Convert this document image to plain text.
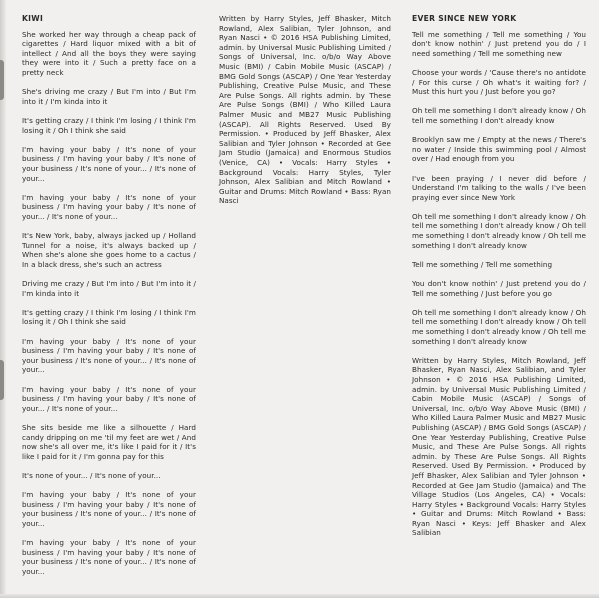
KIWI

She worked her way through a cheap pack of cigarettes / Hard liquor mixed with a bit of intellect / And all the boys they were saying they were into it / Such a pretty face on a pretty neck

She's driving me crazy / But I'm into / But I'm into it / I'm kinda into it

It's getting crazy / I think I'm losing / I think I'm losing it / Oh I think she said

I'm having your baby / It's none of your business / I'm having your baby / It's none of your business / It's none of your... / It's none of your...

I'm having your baby / It's none of your business / I'm having your baby / It's none of your... / It's none of your...

It's New York, baby, always jacked up / Holland Tunnel for a noise, it's always backed up / When she's alone she goes home to a cactus / In a black dress, she's such an actress

Driving me crazy / But I'm into / But I'm into it / I'm kinda into it

It's getting crazy / I think I'm losing / I think I'm losing it / Oh I think she said

I'm having your baby / It's none of your business / I'm having your baby / It's none of your business / It's none of your... / It's none of your...

I'm having your baby / It's none of your business / I'm having your baby / It's none of your... / It's none of your...

She sits beside me like a silhouette / Hard candy dripping on me 'til my feet are wet / And now she's all over me, it's like I paid for it / It's like I paid for it / I'm gonna pay for this

It's none of your... / It's none of your...

I'm having your baby / It's none of your business / I'm having your baby / It's none of your business / It's none of your... / It's none of your...

I'm having your baby / It's none of your business / I'm having your baby / It's none of your business / It's none of your... / It's none of your...

Written by Harry Styles, Jeff Bhasker, Mitch Rowland, Alex Salibian, Tyler Johnson, and Ryan Nasci • © 2016 HSA Publishing Limited, admin. by Universal Music Publishing Limited / Songs of Universal, Inc. o/b/o Way Above Music (BMI) / Cabin Mobile Music (ASCAP) / BMG Gold Songs (ASCAP) / One Year Yesterday Publishing, Creative Pulse Music, and These Are Pulse Songs. All rights admin. by These Are Pulse Songs (BMI) / Who Killed Laura Palmer Music and MB27 Music Publishing (ASCAP). All Rights Reserved. Used By Permission. • Produced by Jeff Bhasker, Alex Salibian and Tyler Johnson • Recorded at Gee Jam Studio (Jamaica) and Enormous Studios (Venice, CA) • Vocals: Harry Styles • Background Vocals: Harry Styles, Tyler Johnson, Alex Salibian and Mitch Rowland • Guitar and Drums: Mitch Rowland • Bass: Ryan Nasci

EVER SINCE NEW YORK

Tell me something / Tell me something / You don't know nothin' / Just pretend you do / I need something / Tell me something new

Choose your words / 'Cause there's no antidote / For this curse / Oh what's it waiting for? / Must this hurt you / Just before you go?

Oh tell me something I don't already know / Oh tell me something I don't already know

Brooklyn saw me / Empty at the news / There's no water / Inside this swimming pool / Almost over / Had enough from you

I've been praying / I never did before / Understand I'm talking to the walls / I've been praying ever since New York

Oh tell me something I don't already know / Oh tell me something I don't already know / Oh tell me something I don't already know / Oh tell me something I don't already know

Tell me something / Tell me something

You don't know nothin' / Just pretend you do / Tell me something / Just before you go

Oh tell me something I don't already know / Oh tell me something I don't already know / Oh tell me something I don't already know / Oh tell me something I don't already know

Written by Harry Styles, Mitch Rowland, Jeff Bhasker, Ryan Nasci, Alex Salibian, and Tyler Johnson • © 2016 HSA Publishing Limited, admin. by Universal Music Publishing Limited / Cabin Mobile Music (ASCAP) / Songs of Universal, Inc. o/b/o Way Above Music (BMI) / Who Killed Laura Palmer Music and MB27 Music Publishing (ASCAP) / BMG Gold Songs (ASCAP) / One Year Yesterday Publishing, Creative Pulse Music, and These Are Pulse Songs. All rights admin. by These Are Pulse Songs. All Rights Reserved. Used By Permission. • Produced by Jeff Bhasker, Alex Salibian and Tyler Johnson • Recorded at Gee Jam Studio (Jamaica) and The Village Studios (Los Angeles, CA) • Vocals: Harry Styles • Background Vocals: Harry Styles • Guitar and Drums: Mitch Rowland • Bass: Ryan Nasci • Keys: Jeff Bhasker and Alex Salibian
